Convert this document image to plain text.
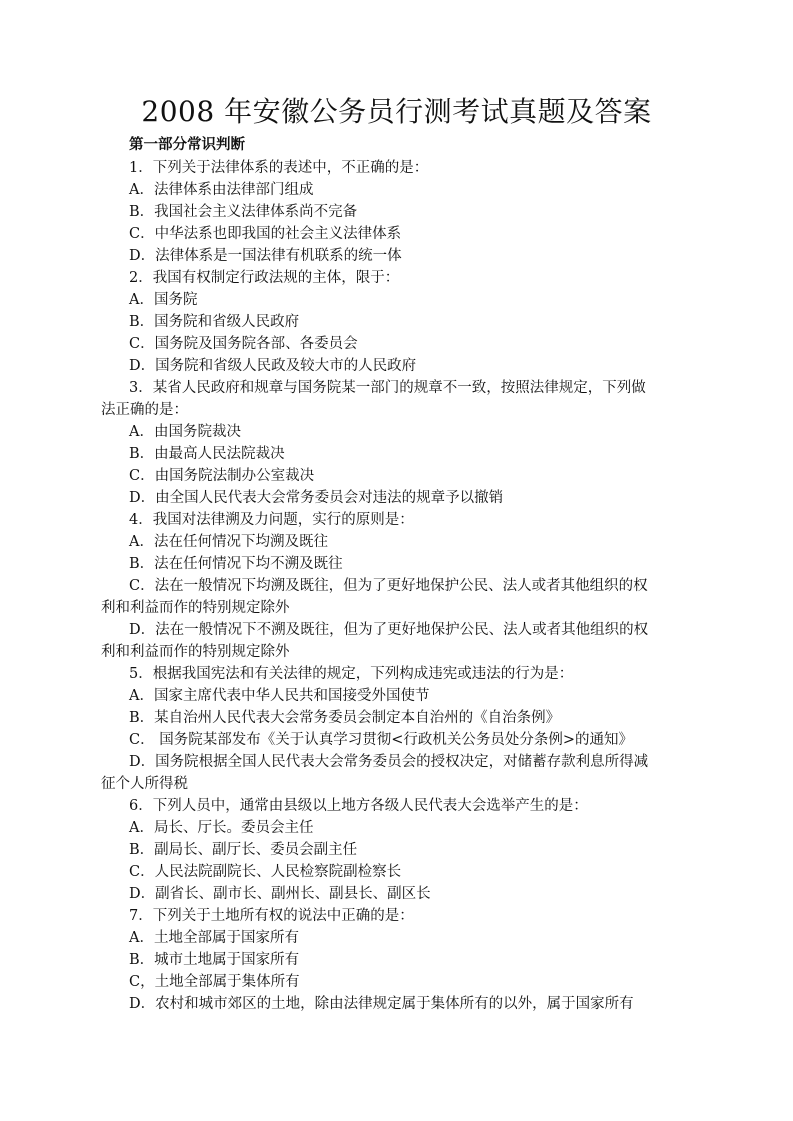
2008 年安徽公务员行测考试真题及答案
第一部分常识判断
1．下列关于法律体系的表述中，不正确的是：
A．法律体系由法律部门组成
B．我国社会主义法律体系尚不完备
C．中华法系也即我国的社会主义法律体系
D．法律体系是一国法律有机联系的统一体
2．我国有权制定行政法规的主体，限于：
A．国务院
B．国务院和省级人民政府
C．国务院及国务院各部、各委员会
D．国务院和省级人民政及较大市的人民政府
3．某省人民政府和规章与国务院某一部门的规章不一致，按照法律规定，下列做
法正确的是：
A．由国务院裁决
B．由最高人民法院裁决
C．由国务院法制办公室裁决
D．由全国人民代表大会常务委员会对违法的规章予以撤销
4．我国对法律溯及力问题，实行的原则是：
A．法在任何情况下均溯及既往
B．法在任何情况下均不溯及既往
C．法在一般情况下均溯及既往，但为了更好地保护公民、法人或者其他组织的权
利和利益而作的特别规定除外
D．法在一般情况下不溯及既往，但为了更好地保护公民、法人或者其他组织的权
利和利益而作的特别规定除外
5．根据我国宪法和有关法律的规定，下列构成违宪或违法的行为是：
A．国家主席代表中华人民共和国接受外国使节
B．某自治州人民代表大会常务委员会制定本自治州的《自治条例》
C． 国务院某部发布《关于认真学习贯彻<行政机关公务员处分条例>的通知》
D．国务院根据全国人民代表大会常务委员会的授权决定，对储蓄存款利息所得减
征个人所得税
6．下列人员中，通常由县级以上地方各级人民代表大会选举产生的是：
A．局长、厅长。委员会主任
B．副局长、副厅长、委员会副主任
C．人民法院副院长、人民检察院副检察长
D．副省长、副市长、副州长、副县长、副区长
7．下列关于土地所有权的说法中正确的是：
A．土地全部属于国家所有
B．城市土地属于国家所有
C，土地全部属于集体所有
D．农村和城市郊区的土地，除由法律规定属于集体所有的以外，属于国家所有
